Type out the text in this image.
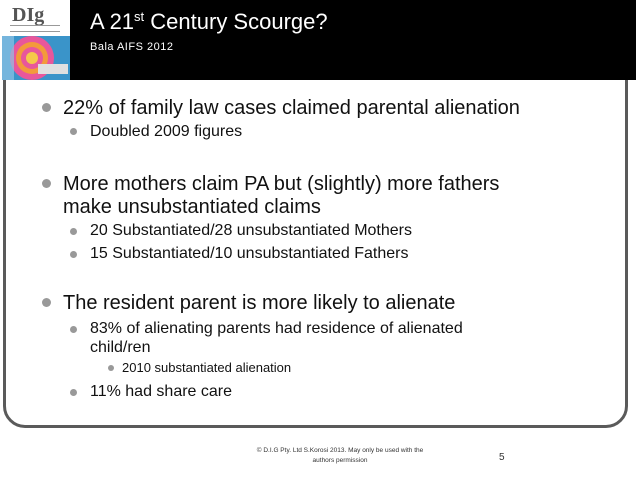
DIg A 21st Century Scourge?
Bala AIFS 2012
22% of family law cases claimed parental alienation
Doubled 2009 figures
More mothers claim PA but (slightly) more fathers
make unsubstantiated claims
20 Substantiated/28 unsubstantiated Mothers
15 Substantiated/10 unsubstantiated Fathers
The resident parent is more likely to alienate
83% of alienating parents had residence of alienated
child/ren
2010 substantiated alienation
11% had share care
© D.I.G Pty. Ltd S.Korosi 2013. May only be used with the
authors permission	5
